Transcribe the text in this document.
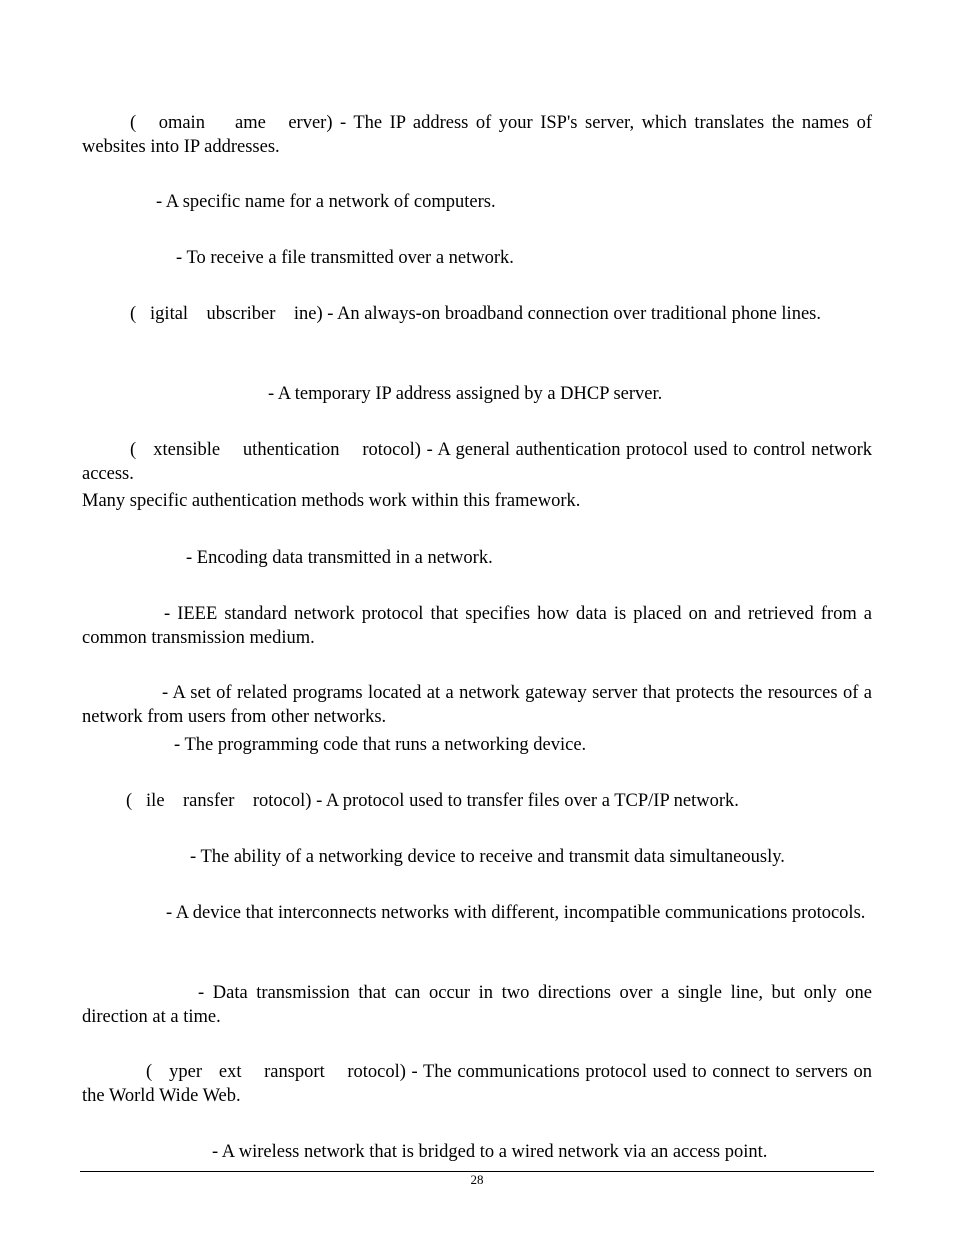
(   omain    ame   erver) - The IP address of your ISP's server, which translates the names of websites into IP addresses.

- A specific name for a network of computers.

- To receive a file transmitted over a network.

(   igital    ubscriber    ine) - An always-on broadband connection over traditional phone lines.

- A temporary IP address assigned by a DHCP server.

(   xtensible    uthentication    rotocol) - A general authentication protocol used to control network access.

Many specific authentication methods work within this framework.

- Encoding data transmitted in a network.

- IEEE standard network protocol that specifies how data is placed on and retrieved from a common transmission medium.

- A set of related programs located at a network gateway server that protects the resources of a network from users from other networks.

- The programming code that runs a networking device.

(   ile    ransfer    rotocol) - A protocol used to transfer files over a TCP/IP network.

- The ability of a networking device to receive and transmit data simultaneously.

- A device that interconnects networks with different, incompatible communications protocols.

- Data transmission that can occur in two directions over a single line, but only one direction at a time.

(   yper   ext    ransport    rotocol) - The communications protocol used to connect to servers on the World Wide Web.

- A wireless network that is bridged to a wired network via an access point.

28
